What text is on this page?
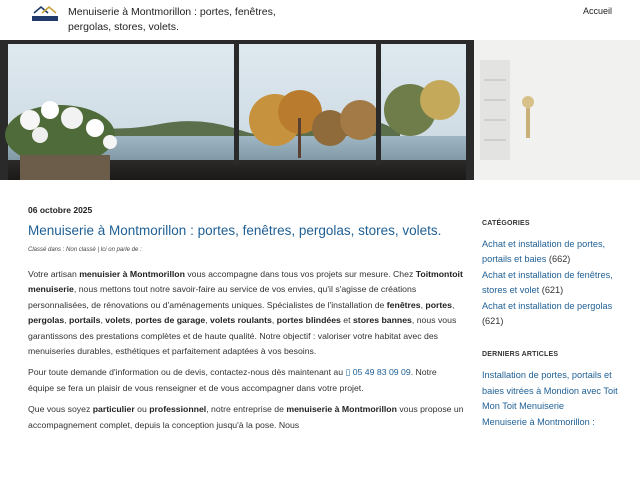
Menuiserie à Montmorillon : portes, fenêtres, pergolas, stores, volets.
Accueil
06 octobre 2025
Menuiserie à Montmorillon : portes, fenêtres, pergolas, stores, volets.
Classé dans : Non classé | Ici on parle de :

Votre artisan menuisier à Montmorillon vous accompagne dans tous vos projets sur mesure. Chez Toitmontoit menuiserie, nous mettons tout notre savoir-faire au service de vos envies, qu'il s'agisse de créations personnalisées, de rénovations ou d'aménagements uniques. Spécialistes de l'installation de fenêtres, portes, pergolas, portails, volets, portes de garage, volets roulants, portes blindées et stores bannes, nous vous garantissons des prestations complètes et de haute qualité. Notre objectif : valoriser votre habitat avec des menuiseries durables, esthétiques et parfaitement adaptées à vos besoins.

Pour toute demande d'information ou de devis, contactez-nous dès maintenant au ▯ 05 49 83 09 09. Notre équipe se fera un plaisir de vous renseigner et de vous accompagner dans votre projet.

Que vous soyez particulier ou professionnel, notre entreprise de menuiserie à Montmorillon vous propose un accompagnement complet, depuis la conception jusqu'à la pose. Nous

CATÉGORIES
Achat et installation de portes, portails et baies (662)
Achat et installation de fenêtres, stores et volet (621)
Achat et installation de pergolas (621)
DERNIERS ARTICLES
Installation de portes, portails et baies vitrées à Mondion avec Toit Mon Toit Menuiserie
Menuiserie à Montmorillon :
